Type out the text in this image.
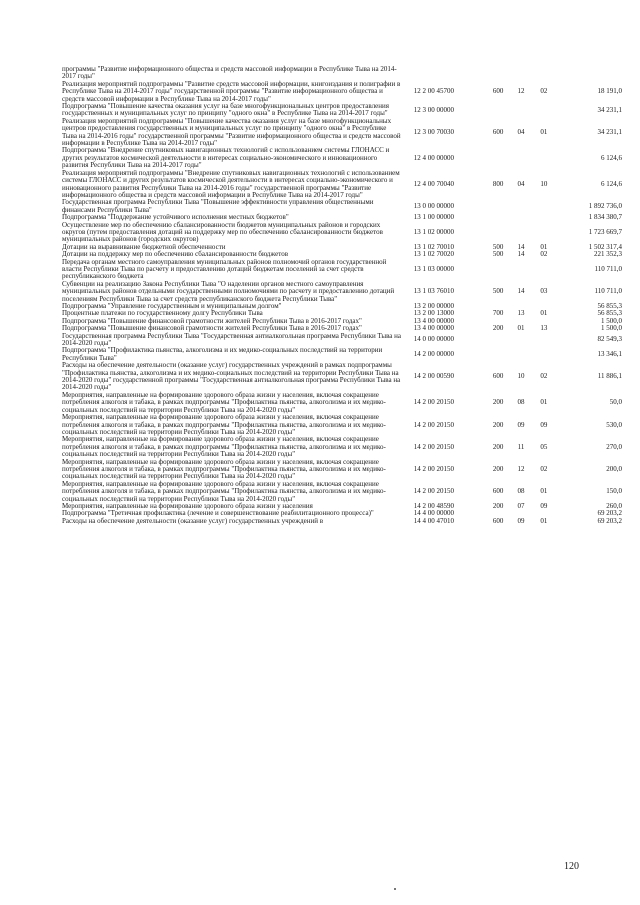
программы "Развитие информационного общества и средств массовой информации в Республике Тыва на 2014-2017 годы"					
Реализация мероприятий подпрограммы "Развитие средств массовой информации, книгоиздания и полиграфии в Республике Тыва на 2014-2017 годы" государственной программы "Развитие информационного общества и средств массовой информации в Республике Тыва на 2014-2017 годы"	12 2 00 45700	600	12	02	18 191,0
Подпрограмма "Повышение качества оказания услуг на базе многофункциональных центров предоставления государственных и муниципальных услуг по принципу "одного окна" в Республике Тыва на 2014-2017 годы"	12 3 00 00000				34 231,1
Реализация мероприятий подпрограммы "Повышение качества оказания услуг на базе многофункциональных центров предоставления государственных и муниципальных услуг по принципу "одного окна" в Республике Тыва на 2014-2016 годы" государственной программы "Развитие информационного общества и средств массовой информации в Республике Тыва на 2014-2017 годы"	12 3 00 70030	600	04	01	34 231,1
Подпрограмма "Внедрение спутниковых навигационных технологий с использованием системы ГЛОНАСС и других результатов космической деятельности в интересах социально-экономического и инновационного развития Республики Тыва на 2014-2017 годы"	12 4 00 00000				6 124,6
Реализация мероприятий подпрограммы "Внедрение спутниковых навигационных технологий с использованием системы ГЛОНАСС и других результатов космической деятельности в интересах социально-экономического и инновационного развития Республики Тыва на 2014-2016 годы" государственной программы "Развитие информационного общества и средств массовой информации в Республике Тыва на 2014-2017 годы"	12 4 00 70040	800	04	10	6 124,6
Государственная программа Республики Тыва "Повышение эффективности управления общественными финансами Республики Тыва"	13 0 00 00000				1 892 736,0
Подпрограмма "Поддержание устойчивого исполнения местных бюджетов"	13 1 00 00000				1 834 380,7
Осуществление мер по обеспечению сбалансированности бюджетов муниципальных районов и городских округов (путем предоставления дотаций на поддержку мер по обеспечению сбалансированности бюджетов муниципальных районов (городских округов)	13 1 02 00000				1 723 669,7
Дотации на выравнивание бюджетной обеспеченности	13 1 02 70010	500	14	01	1 502 317,4
Дотации на поддержку мер по обеспечению сбалансированности бюджетов	13 1 02 70020	500	14	02	221 352,3
Передача органам местного самоуправления муниципальных районов полномочий органов государственной власти Республики Тыва по расчету и предоставлению дотаций бюджетам поселений за счет средств республиканского бюджета	13 1 03 00000				110 711,0
Субвенции на реализацию Закона Республики Тыва "О наделении органов местного самоуправления муниципальных районов отдельными государственными полномочиями по расчету и предоставлению дотаций поселениям Республики Тыва за счет средств республиканского бюджета Республики Тыва"	13 1 03 76010	500	14	03	110 711,0
Подпрограмма "Управление государственным и муниципальным долгом"	13 2 00 00000				56 855,3
Процентные платежи по государственному долгу Республики Тыва	13 2 00 13000	700	13	01	56 855,3
Подпрограмма "Повышение финансовой грамотности жителей Республики Тыва в 2016-2017 годах"	13 4 00 00000				1 500,0
Подпрограмма "Повышение финансовой грамотности жителей Республики Тыва в 2016-2017 годах"	13 4 00 00000	200	01	13	1 500,0
Государственная программа Республики Тыва "Государственная антиалкогольная программа Республики Тыва на 2014-2020 годы"	14 0 00 00000				82 549,3
Подпрограмма "Профилактика пьянства, алкоголизма и их медико-социальных последствий на территории Республики Тыва"	14 2 00 00000				13 346,1
Расходы на обеспечение деятельности (оказание услуг) государственных учреждений в рамках подпрограммы "Профилактика пьянства, алкоголизма и их медико-социальных последствий на территории Республики Тыва на 2014-2020 годы" государственной программы "Государственная антиалкогольная программа Республики Тыва на 2014-2020 годы"	14 2 00 00590	600	10	02	11 886,1
Мероприятия, направленные на формирование здорового образа жизни у населения, включая сокращение потребления алкоголя и табака, в рамках подпрограммы "Профилактика пьянства, алкоголизма и их медико-социальных последствий на территории Республики Тыва на 2014-2020 годы"	14 2 00 20150	200	08	01	50,0
Мероприятия, направленные на формирование здорового образа жизни у населения, включая сокращение потребления алкоголя и табака, в рамках подпрограммы "Профилактика пьянства, алкоголизма и их медико-социальных последствий на территории Республики Тыва на 2014-2020 годы"	14 2 00 20150	200	09	09	530,0
Мероприятия, направленные на формирование здорового образа жизни у населения, включая сокращение потребления алкоголя и табака, в рамках подпрограммы "Профилактика пьянства, алкоголизма и их медико-социальных последствий на территории Республики Тыва на 2014-2020 годы"	14 2 00 20150	200	11	05	270,0
Мероприятия, направленные на формирование здорового образа жизни у населения, включая сокращение потребления алкоголя и табака, в рамках подпрограммы "Профилактика пьянства, алкоголизма и их медико-социальных последствий на территории Республики Тыва на 2014-2020 годы"	14 2 00 20150	200	12	02	200,0
Мероприятия, направленные на формирование здорового образа жизни у населения, включая сокращение потребления алкоголя и табака, в рамках подпрограммы "Профилактика пьянства, алкоголизма и их медико-социальных последствий на территории Республики Тыва на 2014-2020 годы"	14 2 00 20150	600	08	01	150,0
Мероприятия, направленные на формирование здорового образа жизни у населения	14 2 00 48590	200	07	09	260,0
Подпрограмма "Третичная профилактика (лечение и совершенствование реабилитационного процесса)"	14 4 00 00000				69 203,2
Расходы на обеспечение деятельности (оказание услуг) государственных учреждений в	14 4 00 47010	600	09	01	69 203,2
120
